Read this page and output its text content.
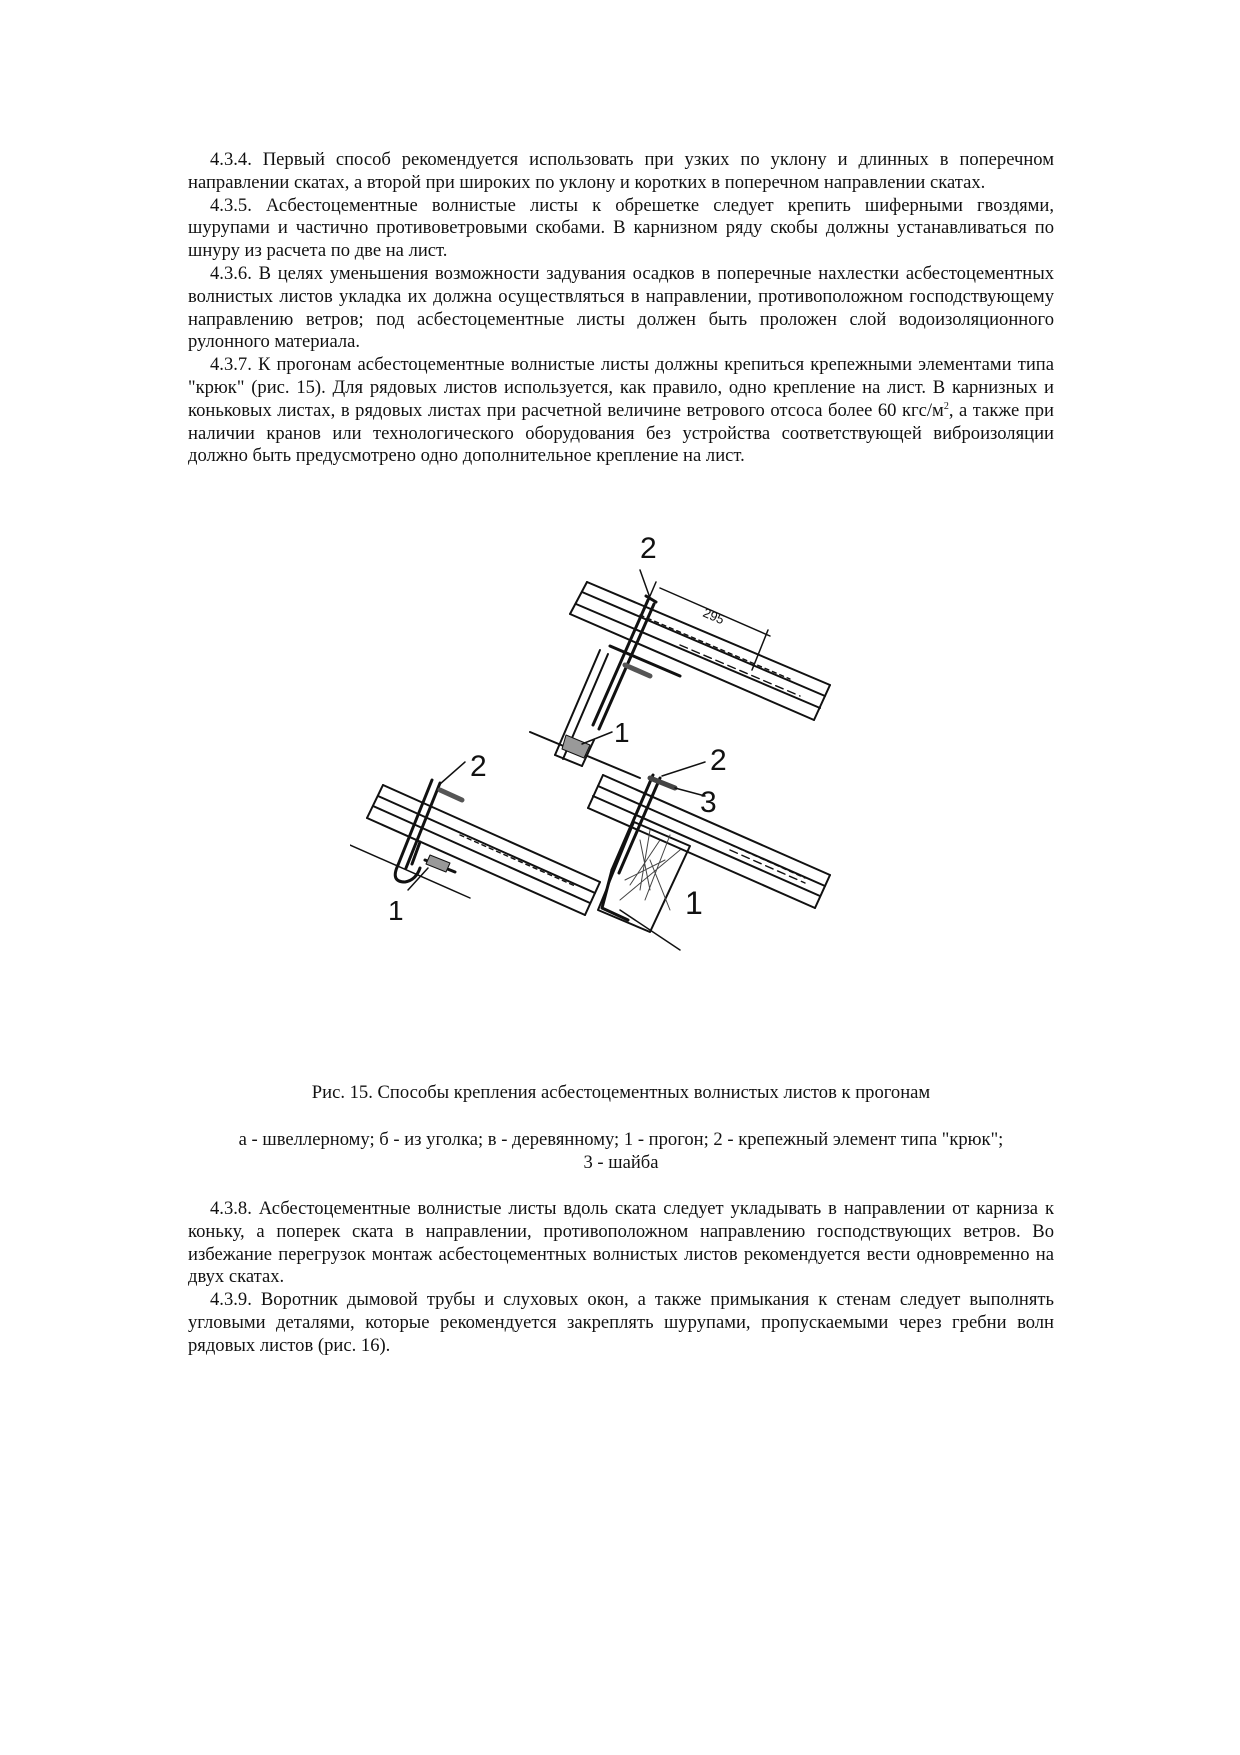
4.3.4. Первый способ рекомендуется использовать при узких по уклону и длинных в поперечном направлении скатах, а второй при широких по уклону и коротких в поперечном направлении скатах.

4.3.5. Асбестоцементные волнистые листы к обрешетке следует крепить шиферными гвоздями, шурупами и частично противоветровыми скобами. В карнизном ряду скобы должны устанавливаться по шнуру из расчета по две на лист.

4.3.6. В целях уменьшения возможности задувания осадков в поперечные нахлестки асбестоцементных волнистых листов укладка их должна осуществляться в направлении, противоположном господствующему направлению ветров; под асбестоцементные листы должен быть проложен слой водоизоляционного рулонного материала.

4.3.7. К прогонам асбестоцементные волнистые листы должны крепиться крепежными элементами типа "крюк" (рис. 15). Для рядовых листов используется, как правило, одно крепление на лист. В карнизных и коньковых листах, в рядовых листах при расчетной величине ветрового отсоса более 60 кгс/$м^2$, а также при наличии кранов или технологического оборудования без устройства соответствующей виброизоляции должно быть предусмотрено одно дополнительное крепление на лист.

2
1
295
2
1
2
3
1

Рис. 15. Способы крепления асбестоцементных волнистых листов к прогонам

а - швеллерному; б - из уголка; в - деревянному; 1 - прогон; 2 - крепежный элемент типа "крюк";
3 - шайба

4.3.8. Асбестоцементные волнистые листы вдоль ската следует укладывать в направлении от карниза к коньку, а поперек ската в направлении, противоположном направлению господствующих ветров. Во избежание перегрузок монтаж асбестоцементных волнистых листов рекомендуется вести одновременно на двух скатах.

4.3.9. Воротник дымовой трубы и слуховых окон, а также примыкания к стенам следует выполнять угловыми деталями, которые рекомендуется закреплять шурупами, пропускаемыми через гребни волн рядовых листов (рис. 16).
